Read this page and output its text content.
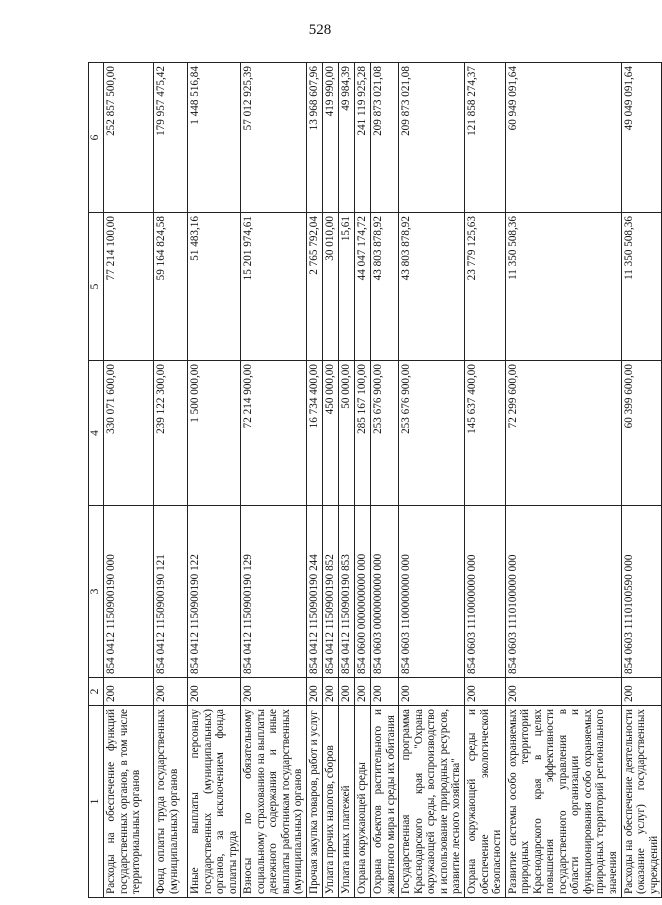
528
1	2	3	4	5	6
Расходы на обеспечение функций государственных органов, в том числе территориальных органов	200	854 0412 1150900190 000	330 071 600,00	77 214 100,00	252 857 500,00
Фонд оплаты труда государственных (муниципальных) органов	200	854 0412 1150900190 121	239 122 300,00	59 164 824,58	179 957 475,42
Иные выплаты персоналу государственных (муниципальных) органов, за исключением фонда оплаты труда	200	854 0412 1150900190 122	1 500 000,00	51 483,16	1 448 516,84
Взносы по обязательному социальному страхованию на выплаты денежного содержания и иные выплаты работникам государственных (муниципальных) органов	200	854 0412 1150900190 129	72 214 900,00	15 201 974,61	57 012 925,39
Прочая закупка товаров, работ и услуг	200	854 0412 1150900190 244	16 734 400,00	2 765 792,04	13 968 607,96
Уплата прочих налогов, сборов	200	854 0412 1150900190 852	450 000,00	30 010,00	419 990,00
Уплата иных платежей	200	854 0412 1150900190 853	50 000,00	15,61	49 984,39
Охрана окружающей среды	200	854 0600 0000000000 000	285 167 100,00	44 047 174,72	241 119 925,28
Охрана объектов растительного и животного мира и среды их обитания	200	854 0603 0000000000 000	253 676 900,00	43 803 878,92	209 873 021,08
Государственная программа Краснодарского края "Охрана окружающей среды, воспроизводство и использование природных ресурсов, развитие лесного хозяйства"	200	854 0603 1100000000 000	253 676 900,00	43 803 878,92	209 873 021,08
Охрана окружающей среды и обеспечение экологической безопасности	200	854 0603 1110000000 000	145 637 400,00	23 779 125,63	121 858 274,37
Развитие системы особо охраняемых природных территорий Краснодарского края в целях повышения эффективности государственного управления в области организации и функционирования особо охраняемых природных территорий регионального значения	200	854 0603 1110100000 000	72 299 600,00	11 350 508,36	60 949 091,64
Расходы на обеспечение деятельности (оказание услуг) государственных учреждений	200	854 0603 1110100590 000	60 399 600,00	11 350 508,36	49 049 091,64
